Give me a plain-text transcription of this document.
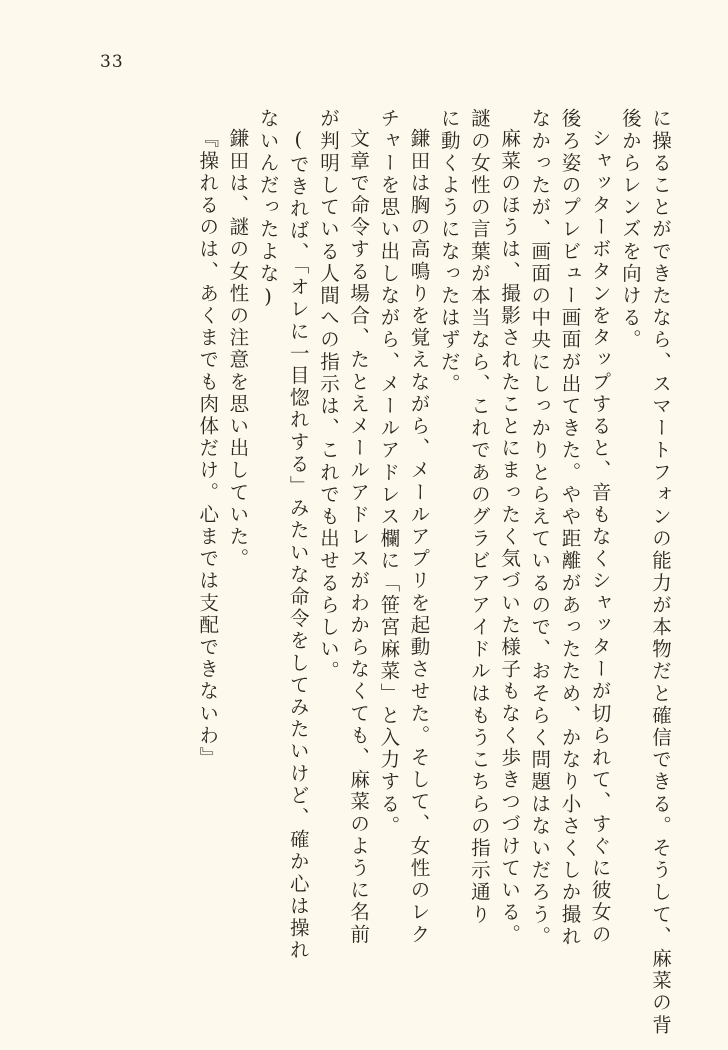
33
に操ることができたなら、スマートフォンの能力が本物だと確信できる。そうして、麻菜の背
後からレンズを向ける。
シャッターボタンをタップすると、音もなくシャッターが切られて、すぐに彼女の
後ろ姿のプレビュー画面が出てきた。やや距離があったため、かなり小さくしか撮れ
なかったが、画面の中央にしっかりとらえているので、おそらく問題はないだろう。
麻菜のほうは、撮影されたことにまったく気づいた様子もなく歩きつづけている。
謎の女性の言葉が本当なら、これであのグラビアアイドルはもうこちらの指示通り
に動くようになったはずだ。
鎌田は胸の高鳴りを覚えながら、メールアプリを起動させた。そして、女性のレク
チャーを思い出しながら、メールアドレス欄に「笹宮麻菜」と入力する。
文章で命令する場合、たとえメールアドレスがわからなくても、麻菜のように名前
が判明している人間への指示は、これでも出せるらしい。
(できれば、「オレに一目惚れする」みたいな命令をしてみたいけど、確か心は操れ
ないんだったよな)
鎌田は、謎の女性の注意を思い出していた。
『操れるのは、あくまでも肉体だけ。心までは支配できないわ』
